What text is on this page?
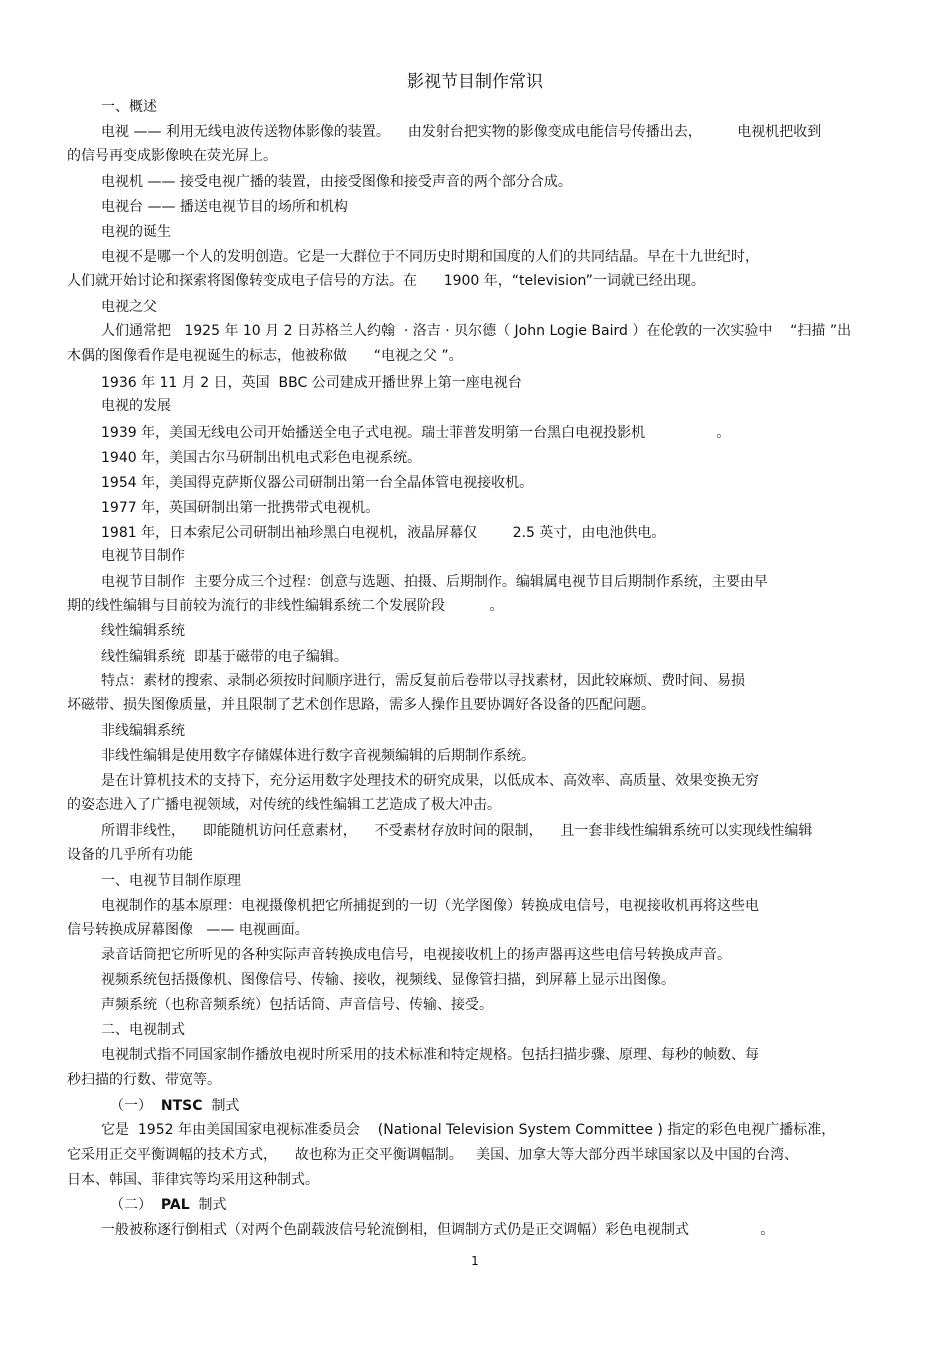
影视节目制作常识

一、概述

电视 —— 利用无线电波传送物体影像的装置。    由发射台把实物的影像变成电能信号传播出去，        电视机把收到

的信号再变成影像映在荧光屏上。

电视机 —— 接受电视广播的装置，由接受图像和接受声音的两个部分合成。

电视台 —— 播送电视节目的场所和机构

电视的诞生

电视不是哪一个人的发明创造。它是一大群位于不同历史时期和国度的人们的共同结晶。早在十九世纪时，

人们就开始讨论和探索将图像转变成电子信号的方法。在      1900 年，“television”一词就已经出现。

电视之父

人们通常把   1925 年 10 月 2 日苏格兰人约翰  · 洛吉 · 贝尔德（ John Logie Baird ）在伦敦的一次实验中    “扫描 ”出

木偶的图像看作是电视诞生的标志，他被称做      “电视之父 ”。

1936 年 11 月 2 日，英国  BBC 公司建成开播世界上第一座电视台

电视的发展

1939 年，美国无线电公司开始播送全电子式电视。瑞士菲普发明第一台黑白电视投影机                。

1940 年，美国古尔马研制出机电式彩色电视系统。

1954 年，美国得克萨斯仪器公司研制出第一台全晶体管电视接收机。

1977 年，英国研制出第一批携带式电视机。

1981 年，日本索尼公司研制出袖珍黑白电视机，液晶屏幕仅        2.5 英寸，由电池供电。

电视节目制作

电视节目制作  主要分成三个过程：创意与选题、拍摄、后期制作。编辑属电视节目后期制作系统，主要由早

期的线性编辑与目前较为流行的非线性编辑系统二个发展阶段          。

线性编辑系统

线性编辑系统  即基于磁带的电子编辑。

特点：素材的搜索、录制必须按时间顺序进行，需反复前后卷带以寻找素材，因此较麻烦、费时间、易损

坏磁带、损失图像质量，并且限制了艺术创作思路，需多人操作且要协调好各设备的匹配问题。

非线编辑系统

非线性编辑是使用数字存储媒体进行数字音视频编辑的后期制作系统。

是在计算机技术的支持下，充分运用数字处理技术的研究成果，以低成本、高效率、高质量、效果变换无穷

的姿态进入了广播电视领域，对传统的线性编辑工艺造成了极大冲击。

所谓非线性，    即能随机访问任意素材，    不受素材存放时间的限制，    且一套非线性编辑系统可以实现线性编辑

设备的几乎所有功能

一、电视节目制作原理

电视制作的基本原理：电视摄像机把它所捕捉到的一切（光学图像）转换成电信号，电视接收机再将这些电

信号转换成屏幕图像   —— 电视画面。

录音话筒把它所听见的各种实际声音转换成电信号，电视接收机上的扬声器再这些电信号转换成声音。

视频系统包括摄像机、图像信号、传输、接收，视频线、显像管扫描，到屏幕上显示出图像。

声频系统（也称音频系统）包括话筒、声音信号、传输、接受。

二、电视制式

电视制式指不同国家制作播放电视时所采用的技术标准和特定规格。包括扫描步骤、原理、每秒的帧数、每

秒扫描的行数、带宽等。

（一） NTSC 制式

它是  1952 年由美国国家电视标准委员会    (National Television System Committee ) 指定的彩色电视广播标准，

它采用正交平衡调幅的技术方式，    故也称为正交平衡调幅制。   美国、加拿大等大部分西半球国家以及中国的台湾、

日本、韩国、菲律宾等均采用这种制式。

（二） PAL 制式

一般被称逐行倒相式（对两个色副载波信号轮流倒相，但调制方式仍是正交调幅）彩色电视制式                。

1
